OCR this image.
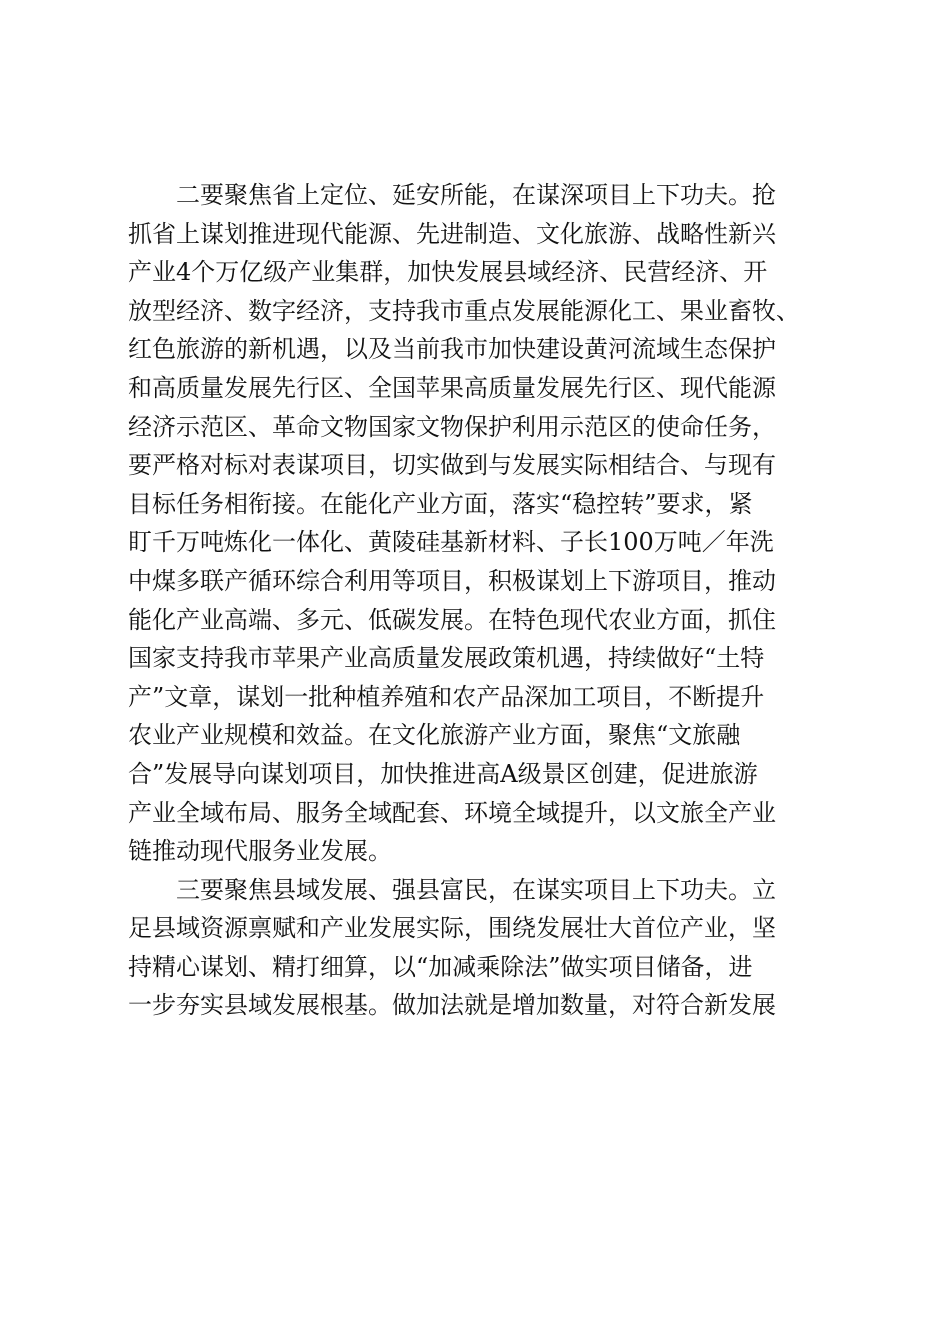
二要聚焦省上定位、延安所能，在谋深项目上下功夫。抢
抓省上谋划推进现代能源、先进制造、文化旅游、战略性新兴
产业4个万亿级产业集群，加快发展县域经济、民营经济、开
放型经济、数字经济，支持我市重点发展能源化工、果业畜牧、
红色旅游的新机遇，以及当前我市加快建设黄河流域生态保护
和高质量发展先行区、全国苹果高质量发展先行区、现代能源
经济示范区、革命文物国家文物保护利用示范区的使命任务，
要严格对标对表谋项目，切实做到与发展实际相结合、与现有
目标任务相衔接。在能化产业方面，落实“稳控转”要求，紧
盯千万吨炼化一体化、黄陵硅基新材料、子长100万吨／年洗
中煤多联产循环综合利用等项目，积极谋划上下游项目，推动
能化产业高端、多元、低碳发展。在特色现代农业方面，抓住
国家支持我市苹果产业高质量发展政策机遇，持续做好“土特
产”文章，谋划一批种植养殖和农产品深加工项目，不断提升
农业产业规模和效益。在文化旅游产业方面，聚焦“文旅融
合”发展导向谋划项目，加快推进高A级景区创建，促进旅游
产业全域布局、服务全域配套、环境全域提升，以文旅全产业
链推动现代服务业发展。
三要聚焦县域发展、强县富民，在谋实项目上下功夫。立
足县域资源禀赋和产业发展实际，围绕发展壮大首位产业，坚
持精心谋划、精打细算，以“加减乘除法”做实项目储备，进
一步夯实县域发展根基。做加法就是增加数量，对符合新发展
